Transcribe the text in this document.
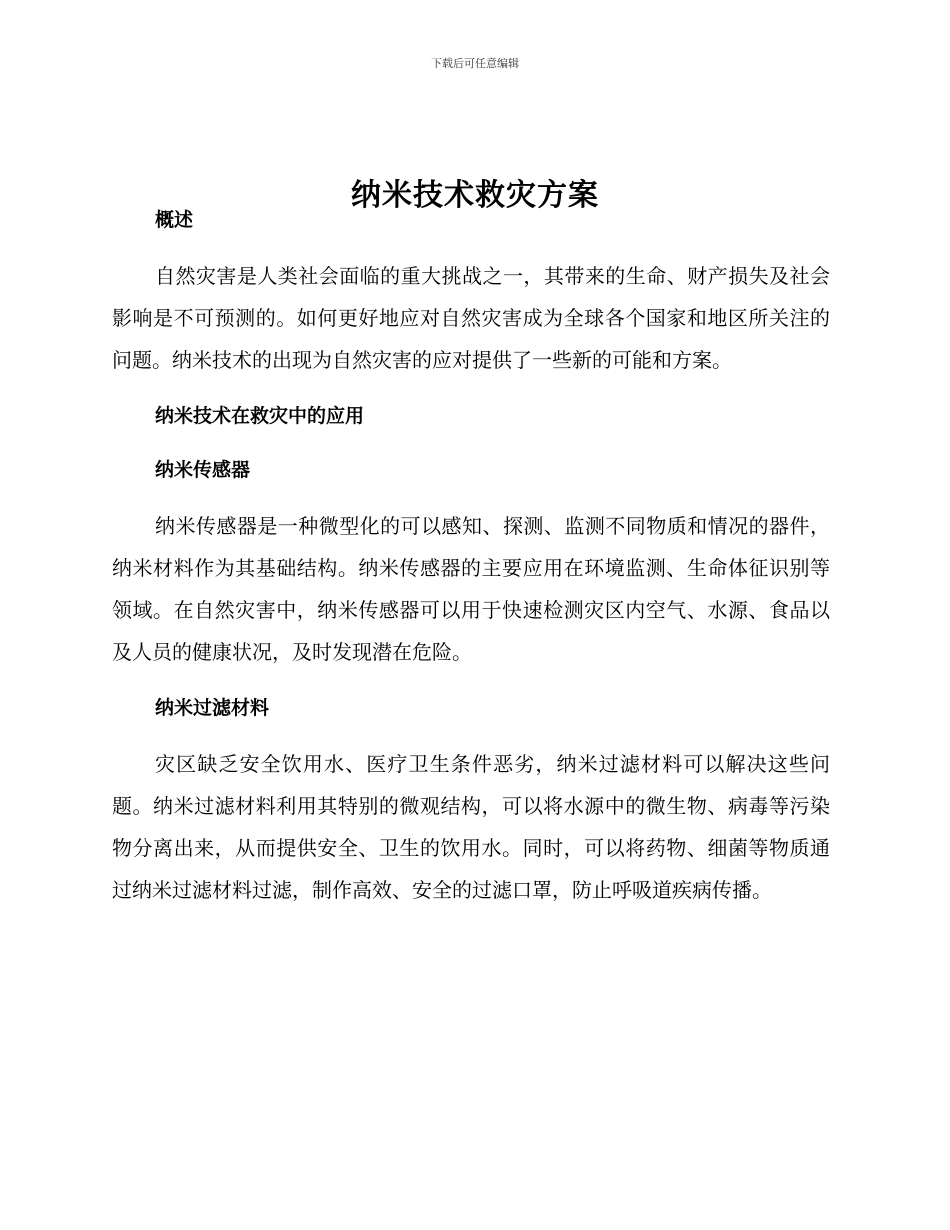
下载后可任意编辑
纳米技术救灾方案
概述

自然灾害是人类社会面临的重大挑战之一，其带来的生命、财产损失及社会影响是不可预测的。如何更好地应对自然灾害成为全球各个国家和地区所关注的问题。纳米技术的出现为自然灾害的应对提供了一些新的可能和方案。

纳米技术在救灾中的应用
纳米传感器

纳米传感器是一种微型化的可以感知、探测、监测不同物质和情况的器件，纳米材料作为其基础结构。纳米传感器的主要应用在环境监测、生命体征识别等领域。在自然灾害中，纳米传感器可以用于快速检测灾区内空气、水源、食品以及人员的健康状况，及时发现潜在危险。

纳米过滤材料

灾区缺乏安全饮用水、医疗卫生条件恶劣，纳米过滤材料可以解决这些问题。纳米过滤材料利用其特别的微观结构，可以将水源中的微生物、病毒等污染物分离出来，从而提供安全、卫生的饮用水。同时，可以将药物、细菌等物质通过纳米过滤材料过滤，制作高效、安全的过滤口罩，防止呼吸道疾病传播。
